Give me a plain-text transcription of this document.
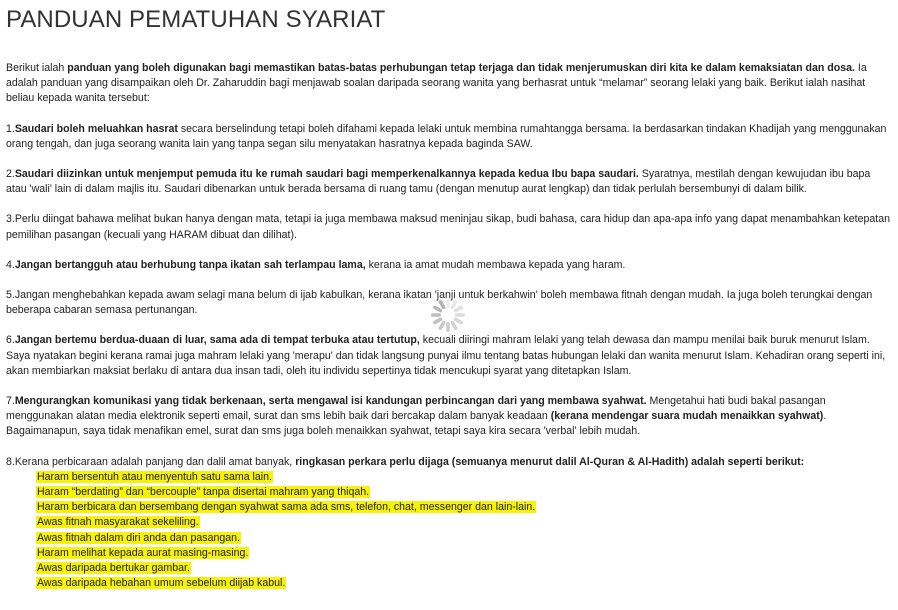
PANDUAN PEMATUHAN SYARIAT

Berikut ialah panduan yang boleh digunakan bagi memastikan batas-batas perhubungan tetap terjaga dan tidak menjerumuskan diri kita ke dalam kemaksiatan dan dosa. Ia adalah panduan yang disampaikan oleh Dr. Zaharuddin bagi menjawab soalan daripada seorang wanita yang berhasrat untuk “melamar” seorang lelaki yang baik. Berikut ialah nasihat beliau kepada wanita tersebut:

1.Saudari boleh meluahkan hasrat secara berselindung tetapi boleh difahami kepada lelaki untuk membina rumahtangga bersama. Ia berdasarkan tindakan Khadijah yang menggunakan orang tengah, dan juga seorang wanita lain yang tanpa segan silu menyatakan hasratnya kepada baginda SAW.

2.Saudari diizinkan untuk menjemput pemuda itu ke rumah saudari bagi memperkenalkannya kepada kedua Ibu bapa saudari. Syaratnya, mestilah dengan kewujudan ibu bapa atau 'wali' lain di dalam majlis itu. Saudari dibenarkan untuk berada bersama di ruang tamu (dengan menutup aurat lengkap) dan tidak perlulah bersembunyi di dalam bilik.

3.Perlu diingat bahawa melihat bukan hanya dengan mata, tetapi ia juga membawa maksud meninjau sikap, budi bahasa, cara hidup dan apa-apa info yang dapat menambahkan ketepatan pemilihan pasangan (kecuali yang HARAM dibuat dan dilihat).

4.Jangan bertangguh atau berhubung tanpa ikatan sah terlampau lama, kerana ia amat mudah membawa kepada yang haram.

5.Jangan menghebahkan kepada awam selagi mana belum di ijab kabulkan, kerana ikatan 'janji untuk berkahwin' boleh membawa fitnah dengan mudah. Ia juga boleh terungkai dengan beberapa cabaran semasa pertunangan.

6.Jangan bertemu berdua-duaan di luar, sama ada di tempat terbuka atau tertutup, kecuali diiringi mahram lelaki yang telah dewasa dan mampu menilai baik buruk menurut Islam. Saya nyatakan begini kerana ramai juga mahram lelaki yang 'merapu' dan tidak langsung punyai ilmu tentang batas hubungan lelaki dan wanita menurut Islam. Kehadiran orang seperti ini, akan membiarkan maksiat berlaku di antara dua insan tadi, oleh itu individu sepertinya tidak mencukupi syarat yang ditetapkan Islam.

7.Mengurangkan komunikasi yang tidak berkenaan, serta mengawal isi kandungan perbincangan dari yang membawa syahwat. Mengetahui hati budi bakal pasangan menggunakan alatan media elektronik seperti email, surat dan sms lebih baik dari bercakap dalam banyak keadaan (kerana mendengar suara mudah menaikkan syahwat). Bagaimanapun, saya tidak menafikan emel, surat dan sms juga boleh menaikkan syahwat, tetapi saya kira secara 'verbal' lebih mudah.

8.Kerana perbicaraan adalah panjang dan dalil amat banyak, ringkasan perkara perlu dijaga (semuanya menurut dalil Al-Quran & Al-Hadith) adalah seperti berikut:

Haram bersentuh atau menyentuh satu sama lain.
Haram “berdating” dan “bercouple” tanpa disertai mahram yang thiqah.
Haram berbicara dan bersembang dengan syahwat sama ada sms, telefon, chat, messenger dan lain-lain.
Awas fitnah masyarakat sekeliling.
Awas fitnah dalam diri anda dan pasangan.
Haram melihat kepada aurat masing-masing.
Awas daripada bertukar gambar.
Awas daripada hebahan umum sebelum diijab kabul.
